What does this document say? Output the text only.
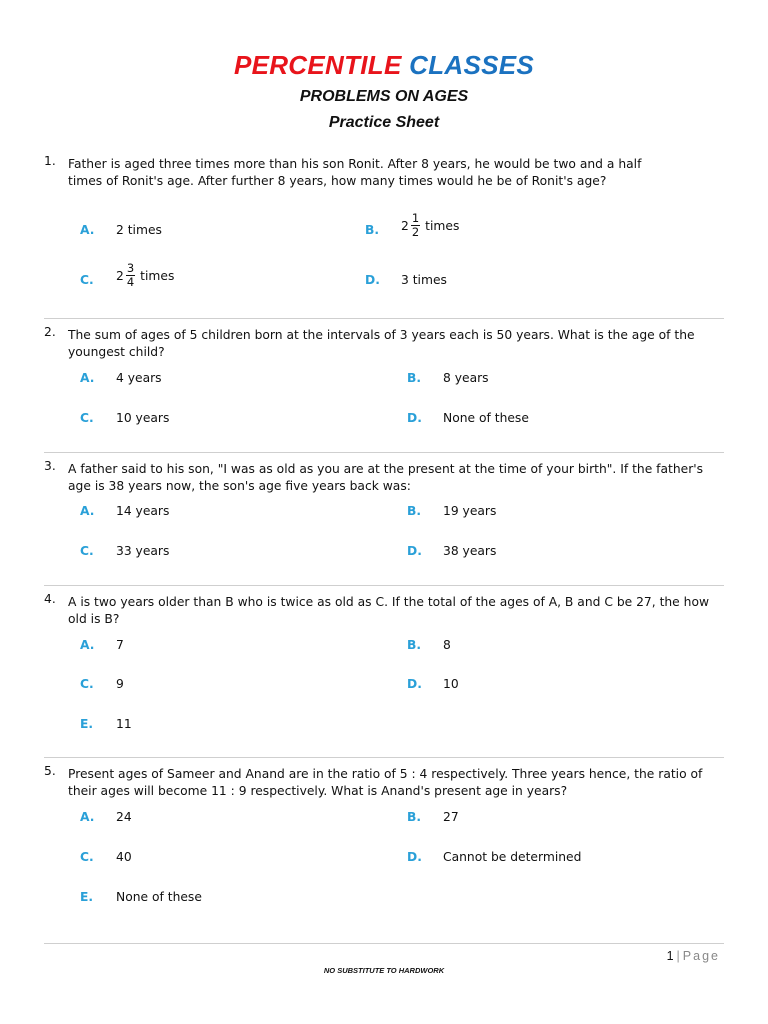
PERCENTILE CLASSES
PROBLEMS ON AGES
Practice Sheet
1. Father is aged three times more than his son Ronit. After 8 years, he would be two and a half times of Ronit's age. After further 8 years, how many times would he be of Ronit's age?
A. 2 times	B. $2 \frac{1}{2}$ times
C. $2 \frac{3}{4}$ times	D. 3 times
2. The sum of ages of 5 children born at the intervals of 3 years each is 50 years. What is the age of the youngest child?
A. 4 years	B. 8 years
C. 10 years	D. None of these
3. A father said to his son, "I was as old as you are at the present at the time of your birth". If the father's age is 38 years now, the son's age five years back was:
A. 14 years	B. 19 years
C. 33 years	D. 38 years
4. A is two years older than B who is twice as old as C. If the total of the ages of A, B and C be 27, the how old is B?
A. 7	B. 8
C. 9	D. 10
E. 11
5. Present ages of Sameer and Anand are in the ratio of 5 : 4 respectively. Three years hence, the ratio of their ages will become 11 : 9 respectively. What is Anand's present age in years?
A. 24	B. 27
C. 40	D. Cannot be determined
E. None of these
1 | Page
NO SUBSTITUTE TO HARDWORK
